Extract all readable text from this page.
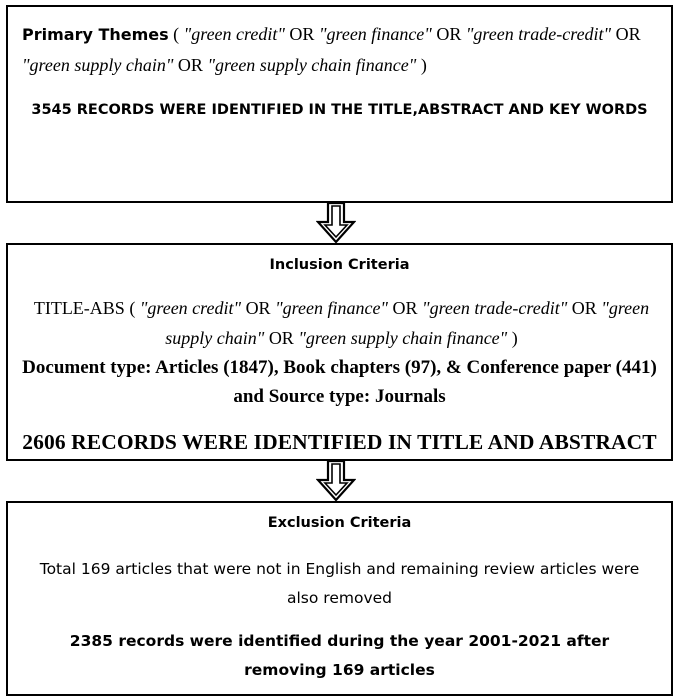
Primary Themes ( "green credit" OR "green finance" OR "green trade-credit" OR "green supply chain" OR "green supply chain finance" )
3545 RECORDS WERE IDENTIFIED IN THE TITLE,ABSTRACT AND KEY WORDS
Inclusion Criteria
TITLE-ABS ( "green credit" OR "green finance" OR "green trade-credit" OR "green supply chain" OR "green supply chain finance" )
Document type: Articles (1847), Book chapters (97), & Conference paper (441) and Source type: Journals
2606 RECORDS WERE IDENTIFIED IN TITLE AND ABSTRACT
Exclusion Criteria
Total 169 articles that were not in English and remaining review articles were also removed
2385 records were identified during the year 2001-2021 after removing 169 articles
